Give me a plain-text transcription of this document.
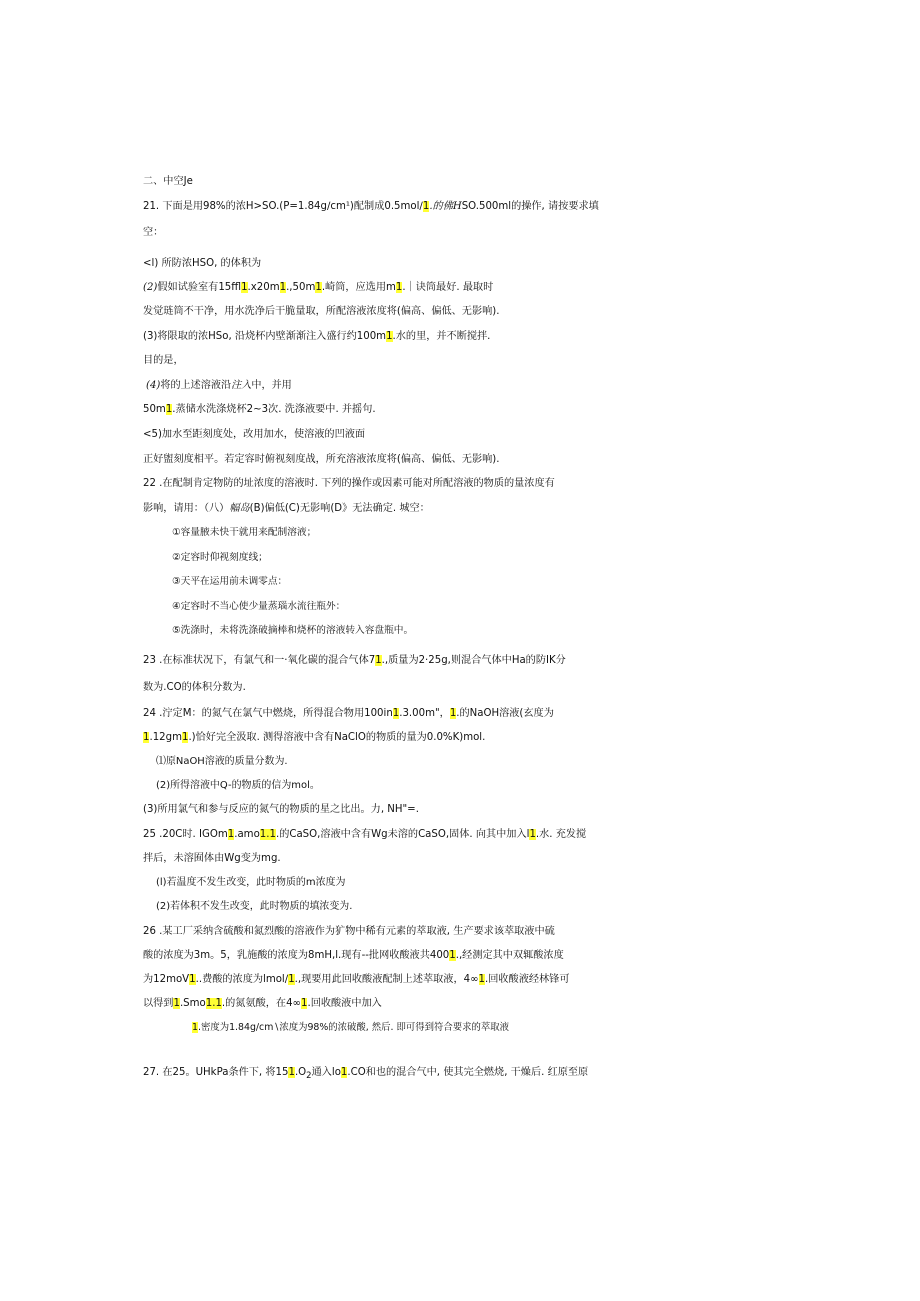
二、中空Je
21. 下面是用98%的浓H>SO.(P=1.84g∕cm¹)配制成0.5mol∕1.的佛HSO.500ml的操作, 请按要求填
空：
<l) 所防浓HSO, 的体积为
(2)假如试验室有15ffl1.x20m1.,50m1.崎筒，应选用m1.｜诀筒最好. 最取时
发觉琏筒不干净，用水洗净后干脆量取，所配溶液浓度将(偏高、偏低、无影响).
(3)将限取的浓HSo, 沿烧杯内壁渐渐注入盛行约100m1.水的里，并不断搅拌.
目的是，
(4)将的上述溶液沿注入中，并用
50m1.蒸储水洗涤烧杯2~3次. 洗涤液要中. 并摇句.
<5)加水至距刻度处，改用加水，使溶液的凹液面
正好盥刻度相平。若定容时俯视刻度战，所充溶液浓度将(偏高、偏低、无影响).
22 .在配制肯定物防的址浓度的溶液时. 下列的操作或因素可能对所配溶液的物质的量浓度有
影响，请用：（八）幅岛(B)偏低(C)无影响(D》无法确定. 城空：
①容量腋未快干就用来配制溶液；
②定容时仰视刻度线；
③天平在运用前未调零点：
④定容时不当心使少量蒸瑙水流往瓶外：
⑤洗涤时，未将洗涤破摘棒和烧杯的溶液转入容盘瓶中。
23 .在标准状况下，有氯气和一·氧化碳的混合气体71.,质量为2·25g,则混合气体中Ha的防IK分
数为.CO的体积分数为.
24 .泞定M：的氮气在氯气中燃烧，所得混合物用100in1.3.00m"，1.的NaOH溶液(玄度为
1.12gm1.)恰好完全汲取. 测得溶液中含有NaClO的物质的量为0.0%K)mol.
⑴原NaOH溶液的质量分数为.
(2)所得溶液中Q-的物质的信为mol。
(3)所用氯气和参与反应的氮气的物质的星之比出。力, NH"=.
25 .20C时. IGOm1.amo1.1.的CaSO,溶液中含有Wg未溶的CaSO,固体. 向其中加入l1.水. 充发搅
拌后，未溶囿体由Wg变为mg.
(l)若温度不发生改变，此时物质的m浓度为
(2)若体积不发生改变，此时物质的填浓变为.
26 .某工厂采纳含硫酸和氮烈酸的溶液作为犷物中稀有元素的萃取液, 生产要求该萃取液中硫
酸的浓度为3m。5，乳施酸的浓度为8mH,l.现有--批网收酸液共4001.,经测定其中双辄酸浓度
为12moV1..费酸的浓度为lmol∕1.,现要用此回收酸液配制上述萃取液，4∞1.回收酸液经林锋可
以得到1.Smo1.1.的氮氨酸，在4∞1.回收酸液中加入
1.密度为1.84g∕cm∖浓度为98%的浓破酸, 然后. 即可得到符合要求的萃取液
27. 在25。UHkPa条件下, 将$151.O_2$通入lo1.CO和也的混合气中, 使其完全燃烧, 干燥后. 红原至原
